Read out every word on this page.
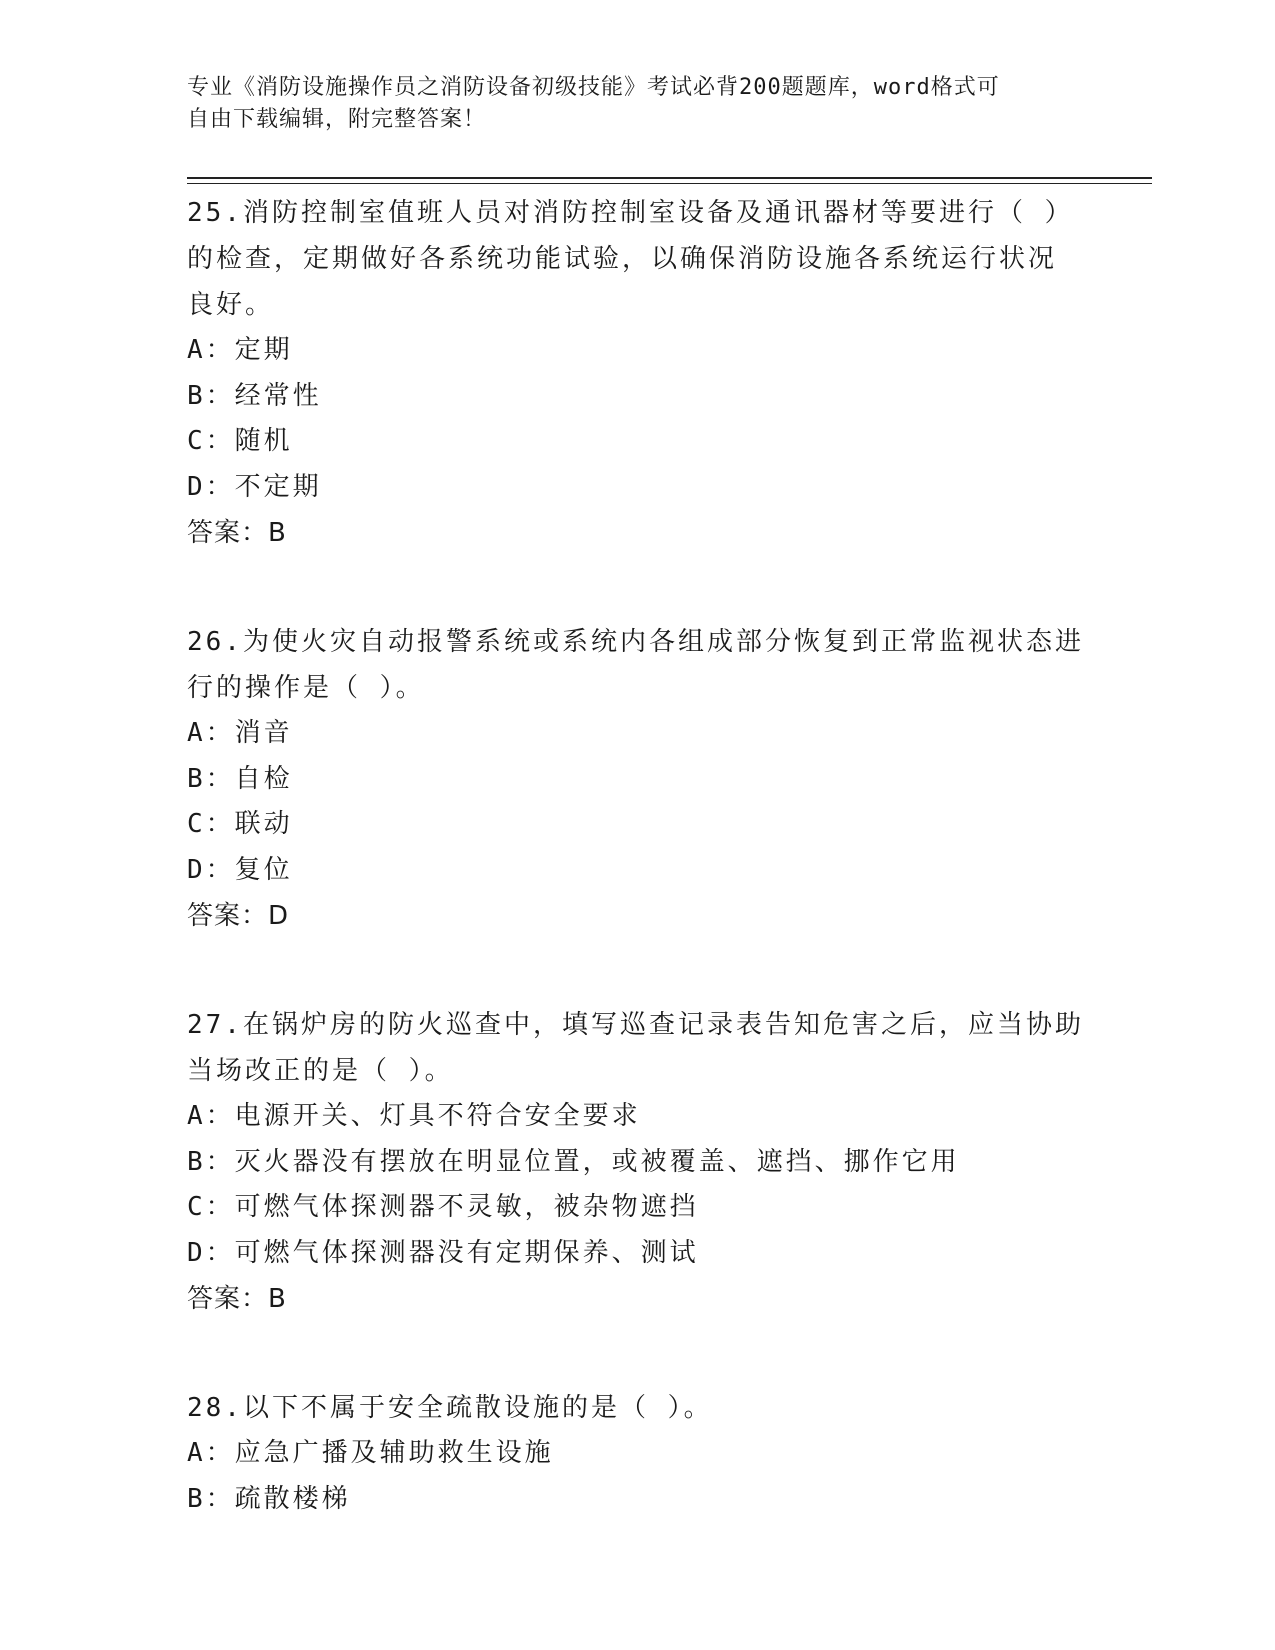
专业《消防设施操作员之消防设备初级技能》考试必背200题题库，word格式可
自由下载编辑，附完整答案！

25.消防控制室值班人员对消防控制室设备及通讯器材等要进行（ ）

的检查，定期做好各系统功能试验，以确保消防设施各系统运行状况

良好。

A：定期

B：经常性

C：随机

D：不定期

答案：B

26.为使火灾自动报警系统或系统内各组成部分恢复到正常监视状态进

行的操作是（ ）。

A：消音

B：自检

C：联动

D：复位

答案：D

27.在锅炉房的防火巡查中，填写巡查记录表告知危害之后，应当协助

当场改正的是（ ）。

A：电源开关、灯具不符合安全要求

B：灭火器没有摆放在明显位置，或被覆盖、遮挡、挪作它用

C：可燃气体探测器不灵敏，被杂物遮挡

D：可燃气体探测器没有定期保养、测试

答案：B

28.以下不属于安全疏散设施的是（ ）。

A：应急广播及辅助救生设施

B：疏散楼梯
